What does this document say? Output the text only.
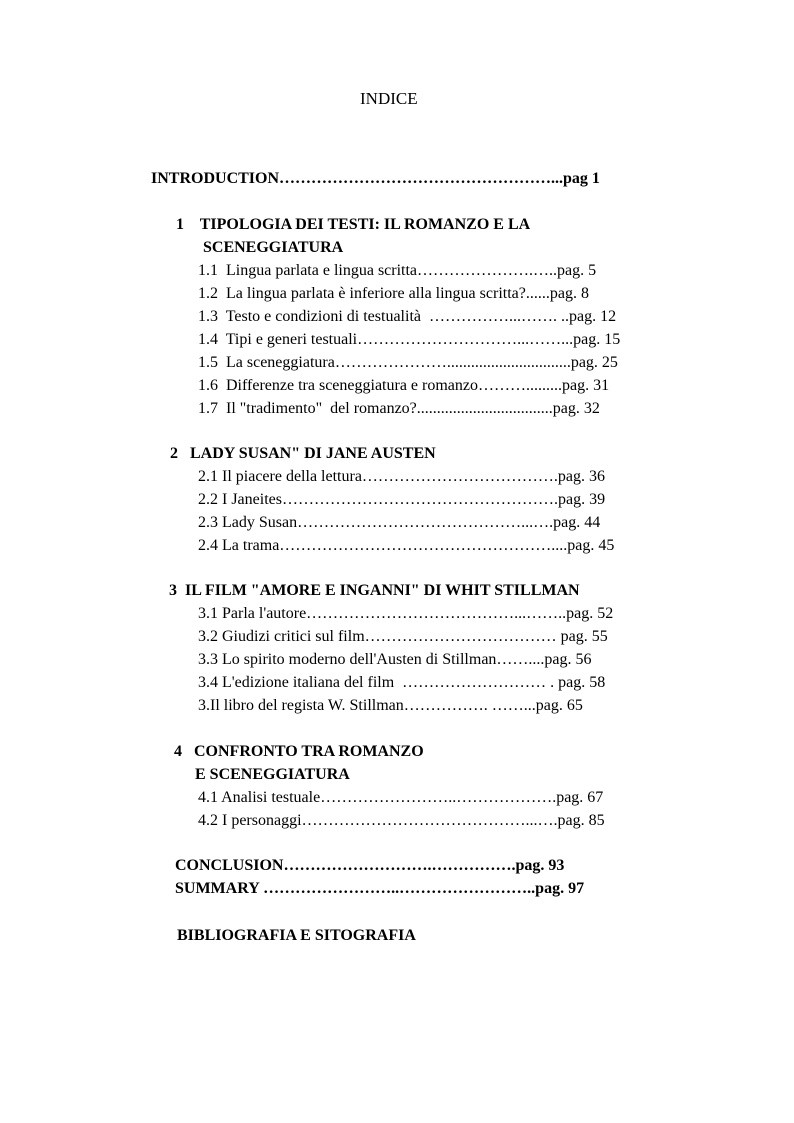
INDICE
INTRODUCTION……………………………………………...pag 1
1    TIPOLOGIA DEI TESTI: IL ROMANZO E LA
SCENEGGIATURA
1.1  Lingua parlata e lingua scritta………………….…..pag. 5
1.2  La lingua parlata è inferiore alla lingua scritta?......pag. 8
1.3  Testo e condizioni di testualità  ……………...……. ..pag. 12
1.4  Tipi e generi testuali…………………………...……...pag. 15
1.5  La sceneggiatura…………………...............................pag. 25
1.6  Differenze tra sceneggiatura e romanzo……….........pag. 31
1.7  Il "tradimento"  del romanzo?..................................pag. 32
2   LADY SUSAN" DI JANE AUSTEN
2.1 Il piacere della lettura……………………………….pag. 36
2.2 I Janeites…………………………………………….pag. 39
2.3 Lady Susan……………………………………...….pag. 44
2.4 La trama……………………………………………....pag. 45
3  IL FILM "AMORE E INGANNI" DI WHIT STILLMAN
3.1 Parla l'autore…………………………………...……..pag. 52
3.2 Giudizi critici sul film……………………………… pag. 55
3.3 Lo spirito moderno dell'Austen di Stillman……....pag. 56
3.4 L'edizione italiana del film  ……………………… . pag. 58
3.Il libro del regista W. Stillman……………. ……...pag. 65
4   CONFRONTO TRA ROMANZO
E SCENEGGIATURA
4.1 Analisi testuale……………………..……………….pag. 67
4.2 I personaggi……………………………………...….pag. 85
CONCLUSION……………………….…………….pag. 93
SUMMARY ……………………..……………………..pag. 97
BIBLIOGRAFIA E SITOGRAFIA
